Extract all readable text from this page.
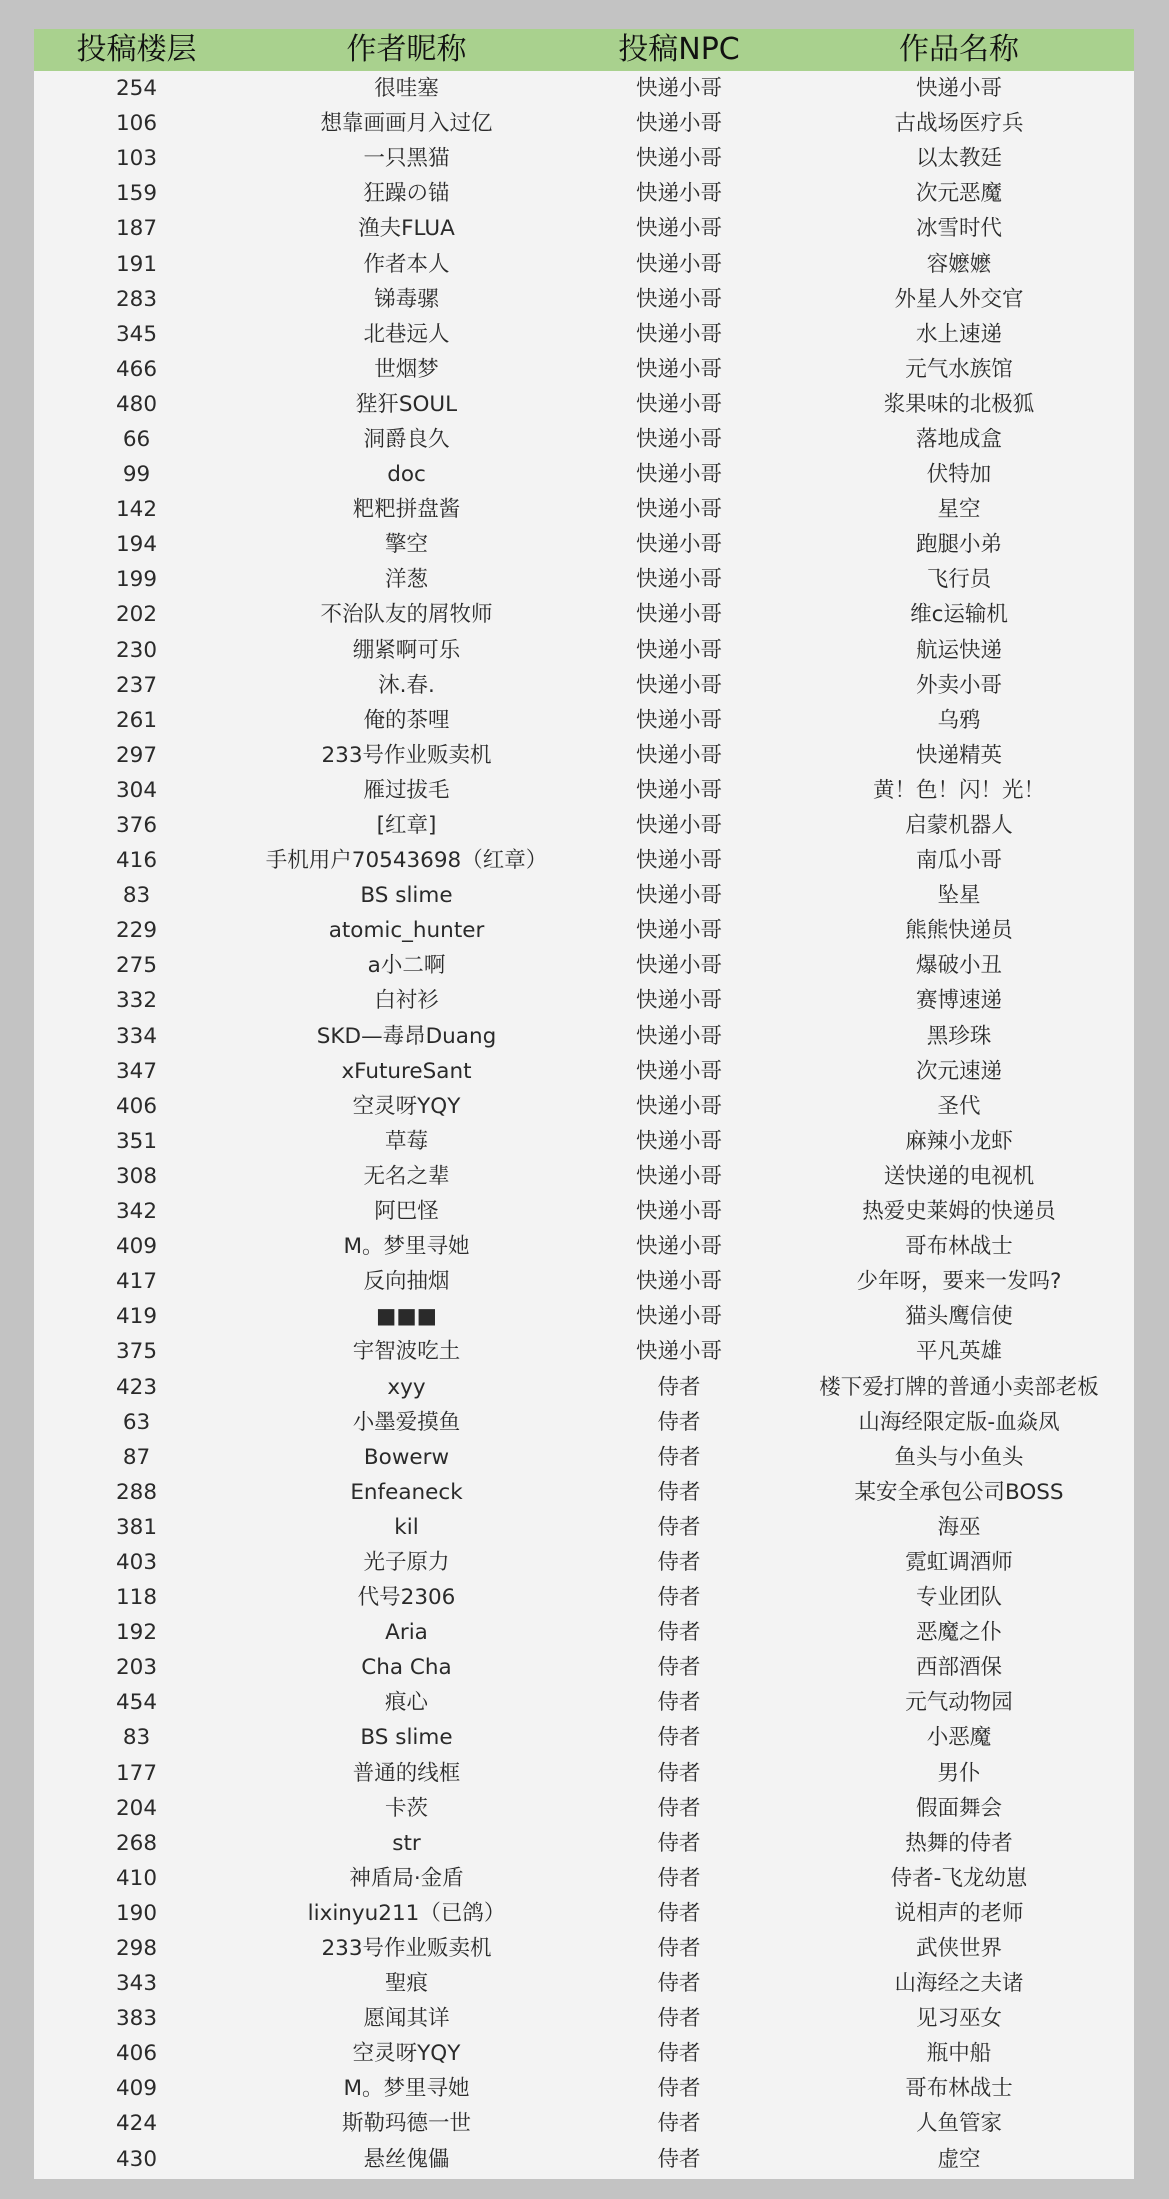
投稿楼层	作者昵称	投稿NPC	作品名称
254	很哇塞	快递小哥	快递小哥
106	想靠画画月入过亿	快递小哥	古战场医疗兵
103	一只黑猫	快递小哥	以太教廷
159	狂躁の锚	快递小哥	次元恶魔
187	渔夫FLUA	快递小哥	冰雪时代
191	作者本人	快递小哥	容嬷嬷
283	锑毒骡	快递小哥	外星人外交官
345	北巷远人	快递小哥	水上速递
466	世烟梦	快递小哥	元气水族馆
480	狴犴SOUL	快递小哥	浆果味的北极狐
66	洞爵良久	快递小哥	落地成盒
99	doc	快递小哥	伏特加
142	粑粑拼盘酱	快递小哥	星空
194	擎空	快递小哥	跑腿小弟
199	洋葱	快递小哥	飞行员
202	不治队友的屑牧师	快递小哥	维c运输机
230	绷紧啊可乐	快递小哥	航运快递
237	沐.春.	快递小哥	外卖小哥
261	俺的茶哩	快递小哥	乌鸦
297	233号作业贩卖机	快递小哥	快递精英
304	雁过拔毛	快递小哥	黄！色！闪！光！
376	[红章]	快递小哥	启蒙机器人
416	手机用户70543698（红章）	快递小哥	南瓜小哥
83	BS slime	快递小哥	坠星
229	atomic_hunter	快递小哥	熊熊快递员
275	a小二啊	快递小哥	爆破小丑
332	白衬衫	快递小哥	赛博速递
334	SKD—毒昂Duang	快递小哥	黑珍珠
347	xFutureSant	快递小哥	次元速递
406	空灵呀YQY	快递小哥	圣代
351	草莓	快递小哥	麻辣小龙虾
308	无名之辈	快递小哥	送快递的电视机
342	阿巴怪	快递小哥	热爱史莱姆的快递员
409	M。梦里寻她	快递小哥	哥布林战士
417	反向抽烟	快递小哥	少年呀，要来一发吗?
419	■■■	快递小哥	猫头鹰信使
375	宇智波吃土	快递小哥	平凡英雄
423	xyy	侍者	楼下爱打牌的普通小卖部老板
63	小墨爱摸鱼	侍者	山海经限定版-血焱凤
87	Bowerw	侍者	鱼头与小鱼头
288	Enfeaneck	侍者	某安全承包公司BOSS
381	kil	侍者	海巫
403	光子原力	侍者	霓虹调酒师
118	代号2306	侍者	专业团队
192	Aria	侍者	恶魔之仆
203	Cha Cha	侍者	西部酒保
454	痕心	侍者	元气动物园
83	BS slime	侍者	小恶魔
177	普通的线框	侍者	男仆
204	卡茨	侍者	假面舞会
268	str	侍者	热舞的侍者
410	神盾局·金盾	侍者	侍者-飞龙幼崽
190	lixinyu211（已鸽）	侍者	说相声的老师
298	233号作业贩卖机	侍者	武侠世界
343	聖痕	侍者	山海经之夫诸
383	愿闻其详	侍者	见习巫女
406	空灵呀YQY	侍者	瓶中船
409	M。梦里寻她	侍者	哥布林战士
424	斯勒玛德一世	侍者	人鱼管家
430	悬丝傀儡	侍者	虚空
